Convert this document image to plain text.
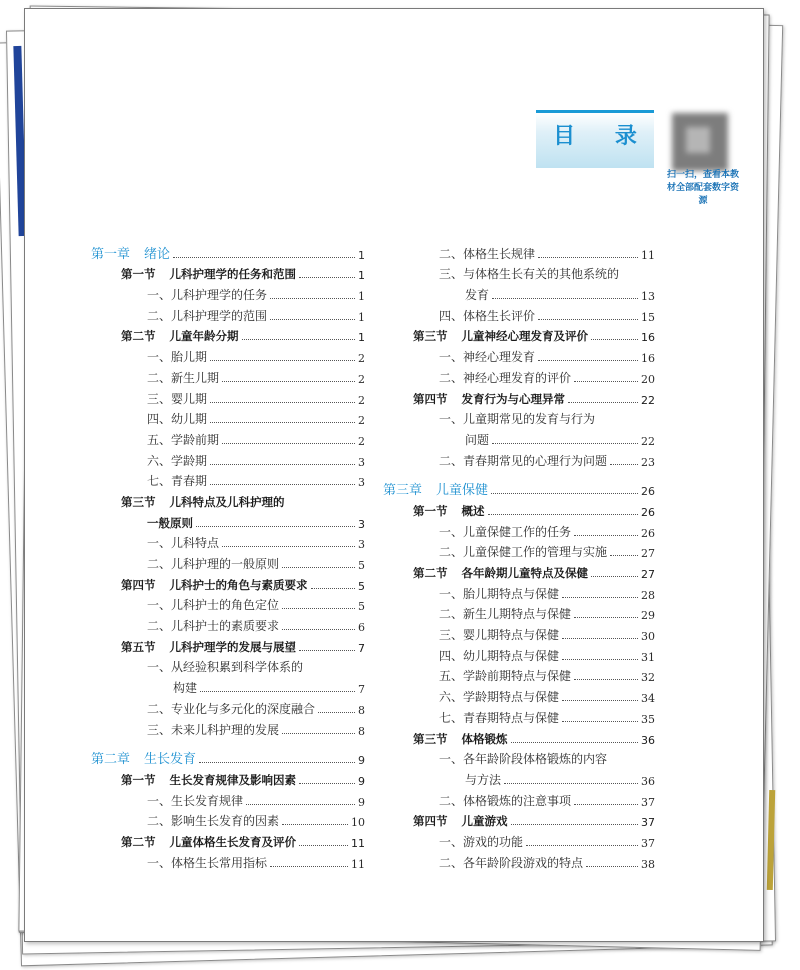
目 录
扫一扫，查看本教材全部配套数字资源
第一章 绪论	1
第一节 儿科护理学的任务和范围	1
一、儿科护理学的任务	1
二、儿科护理学的范围	1
第二节 儿童年龄分期	1
一、胎儿期	2
二、新生儿期	2
三、婴儿期	2
四、幼儿期	2
五、学龄前期	2
六、学龄期	3
七、青春期	3
第三节 儿科特点及儿科护理的
一般原则	3
一、儿科特点	3
二、儿科护理的一般原则	5
第四节 儿科护士的角色与素质要求	5
一、儿科护士的角色定位	5
二、儿科护士的素质要求	6
第五节 儿科护理学的发展与展望	7
一、从经验积累到科学体系的
构建	7
二、专业化与多元化的深度融合	8
三、未来儿科护理的发展	8
第二章 生长发育	9
第一节 生长发育规律及影响因素	9
一、生长发育规律	9
二、影响生长发育的因素	10
第二节 儿童体格生长发育及评价	11
一、体格生长常用指标	11
二、体格生长规律	11
三、与体格生长有关的其他系统的
发育	13
四、体格生长评价	15
第三节 儿童神经心理发育及评价	16
一、神经心理发育	16
二、神经心理发育的评价	20
第四节 发育行为与心理异常	22
一、儿童期常见的发育与行为
问题	22
二、青春期常见的心理行为问题	23
第三章 儿童保健	26
第一节 概述	26
一、儿童保健工作的任务	26
二、儿童保健工作的管理与实施	27
第二节 各年龄期儿童特点及保健	27
一、胎儿期特点与保健	28
二、新生儿期特点与保健	29
三、婴儿期特点与保健	30
四、幼儿期特点与保健	31
五、学龄前期特点与保健	32
六、学龄期特点与保健	34
七、青春期特点与保健	35
第三节 体格锻炼	36
一、各年龄阶段体格锻炼的内容
与方法	36
二、体格锻炼的注意事项	37
第四节 儿童游戏	37
一、游戏的功能	37
二、各年龄阶段游戏的特点	38
